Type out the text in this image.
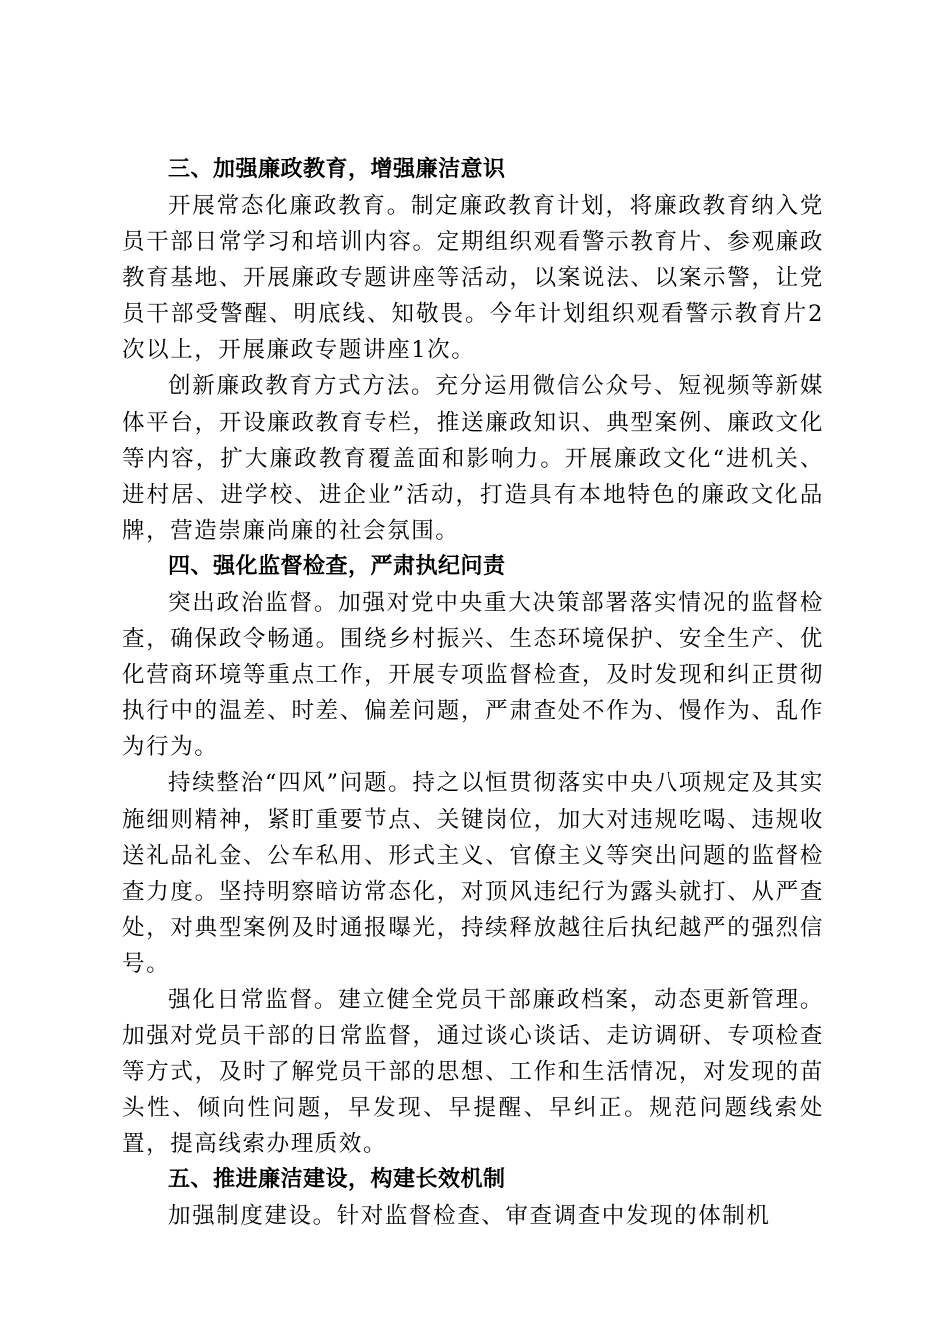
三、加强廉政教育，增强廉洁意识

开展常态化廉政教育。制定廉政教育计划，将廉政教育纳入党员干部日常学习和培训内容。定期组织观看警示教育片、参观廉政教育基地、开展廉政专题讲座等活动，以案说法、以案示警，让党员干部受警醒、明底线、知敬畏。今年计划组织观看警示教育片2次以上，开展廉政专题讲座1次。

创新廉政教育方式方法。充分运用微信公众号、短视频等新媒体平台，开设廉政教育专栏，推送廉政知识、典型案例、廉政文化等内容，扩大廉政教育覆盖面和影响力。开展廉政文化“进机关、进村居、进学校、进企业”活动，打造具有本地特色的廉政文化品牌，营造崇廉尚廉的社会氛围。

四、强化监督检查，严肃执纪问责

突出政治监督。加强对党中央重大决策部署落实情况的监督检查，确保政令畅通。围绕乡村振兴、生态环境保护、安全生产、优化营商环境等重点工作，开展专项监督检查，及时发现和纠正贯彻执行中的温差、时差、偏差问题，严肃查处不作为、慢作为、乱作为行为。

持续整治“四风”问题。持之以恒贯彻落实中央八项规定及其实施细则精神，紧盯重要节点、关键岗位，加大对违规吃喝、违规收送礼品礼金、公车私用、形式主义、官僚主义等突出问题的监督检查力度。坚持明察暗访常态化，对顶风违纪行为露头就打、从严查处，对典型案例及时通报曝光，持续释放越往后执纪越严的强烈信号。

强化日常监督。建立健全党员干部廉政档案，动态更新管理。加强对党员干部的日常监督，通过谈心谈话、走访调研、专项检查等方式，及时了解党员干部的思想、工作和生活情况，对发现的苗头性、倾向性问题，早发现、早提醒、早纠正。规范问题线索处置，提高线索办理质效。

五、推进廉洁建设，构建长效机制

加强制度建设。针对监督检查、审查调查中发现的体制机
